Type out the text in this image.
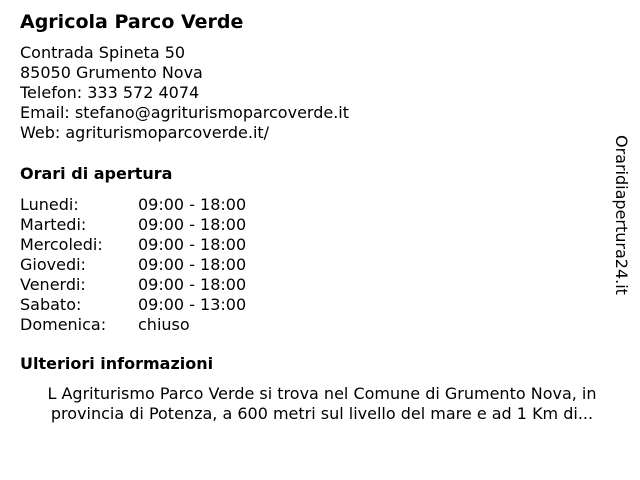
Agricola Parco Verde
Contrada Spineta 50
85050 Grumento Nova
Telefon: 333 572 4074
Email: stefano@agriturismoparcoverde.it
Web: agriturismoparcoverde.it/
Orari di apertura
Lunedi:	09:00 - 18:00
Martedi:	09:00 - 18:00
Mercoledi:	09:00 - 18:00
Giovedi:	09:00 - 18:00
Venerdi:	09:00 - 18:00
Sabato:	09:00 - 13:00
Domenica:	chiuso
Ulteriori informazioni
L Agriturismo Parco Verde si trova nel Comune di Grumento Nova, in provincia di Potenza, a 600 metri sul livello del mare e ad 1 Km di...
Oraridiapertura24.it
